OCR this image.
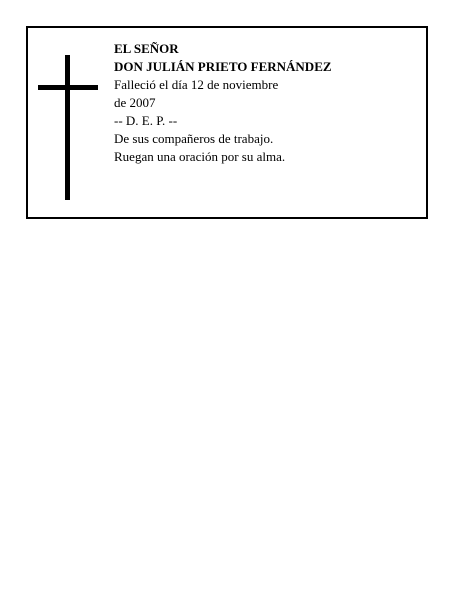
EL SEÑOR
DON JULIÁN PRIETO FERNÁNDEZ
Falleció el día 12 de noviembre
de 2007
-- D. E. P. --
De sus compañeros de trabajo.
Ruegan una oración por su alma.
